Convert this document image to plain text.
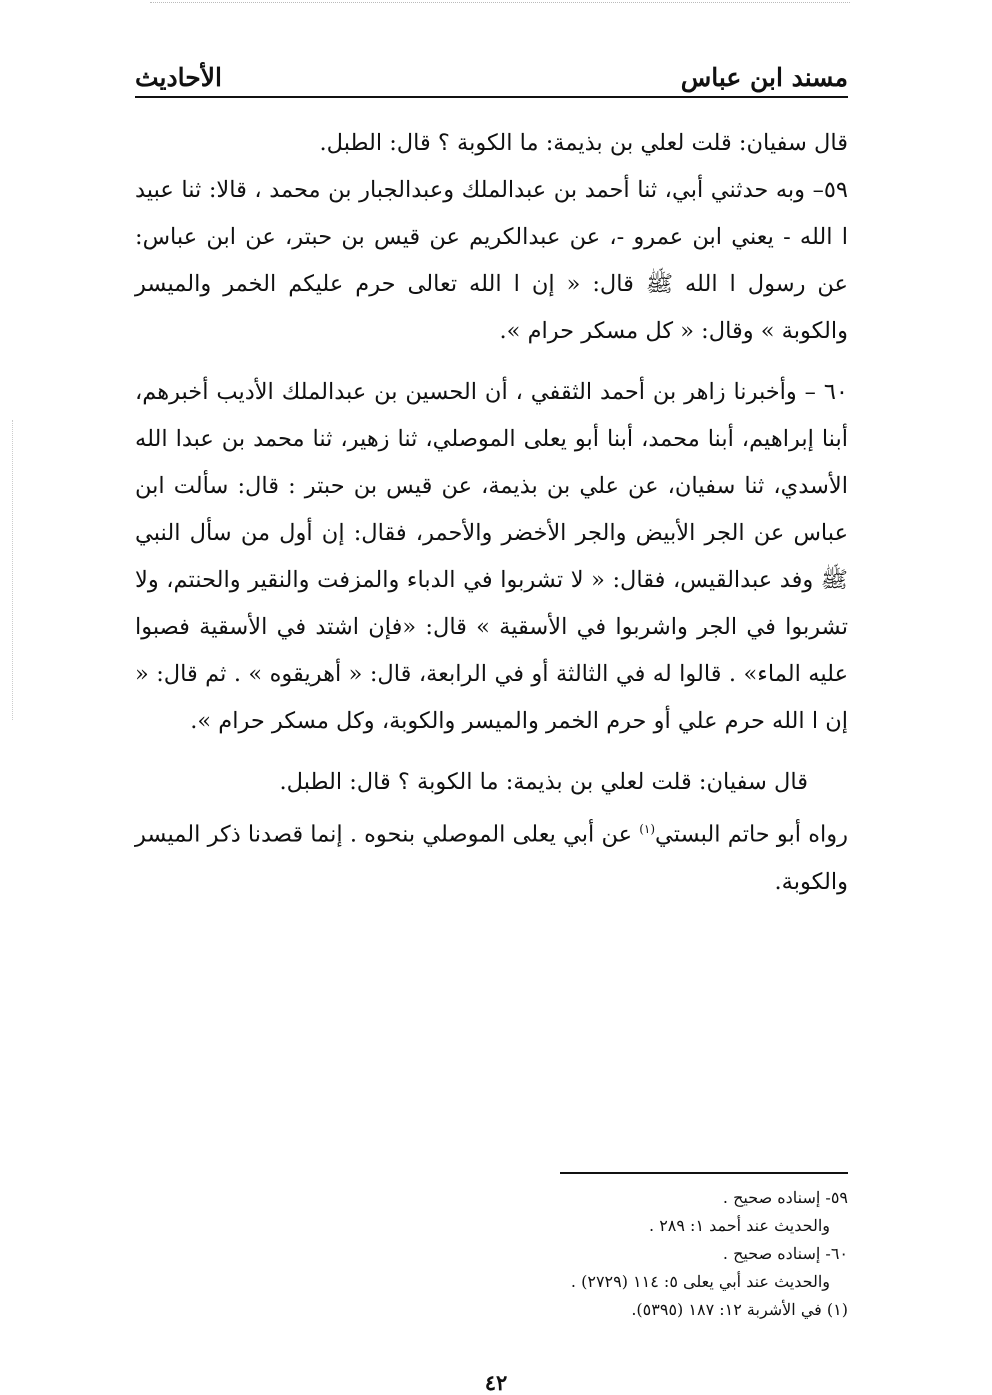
مسند ابن عباس
الأحاديث

قال سفيان: قلت لعلي بن بذيمة: ما الكوبة ؟ قال: الطبل.

٥٩– وبه حدثني أبي، ثنا أحمد بن عبدالملك وعبدالجبار بن محمد ، قالا: ثنا عبيد ا الله - يعني ابن عمرو -، عن عبدالكريم عن قيس بن حبتر، عن ابن عباس: عن رسول ا الله ﷺ قال: « إن ا الله تعالى حرم عليكم الخمر والميسر والكوبة » وقال: « كل مسكر حرام ».

٦٠ – وأخبرنا زاهر بن أحمد الثقفي ، أن الحسين بن عبدالملك الأديب أخبرهم، أبنا إبراهيم، أبنا محمد، أبنا أبو يعلى الموصلي، ثنا زهير، ثنا محمد بن عبدا الله الأسدي، ثنا سفيان، عن علي بن بذيمة، عن قيس بن حبتر : قال: سألت ابن عباس عن الجر الأبيض والجر الأخضر والأحمر، فقال: إن أول من سأل النبي ﷺ وفد عبدالقيس، فقال: « لا تشربوا في الدباء والمزفت والنقير والحنتم، ولا تشربوا في الجر واشربوا في الأسقية » قال: «فإن اشتد في الأسقية فصبوا عليه الماء» . قالوا له في الثالثة أو في الرابعة، قال: « أهريقوه » . ثم قال: « إن ا الله حرم علي أو حرم الخمر والميسر والكوبة، وكل مسكر حرام ».

قال سفيان: قلت لعلي بن بذيمة: ما الكوبة ؟ قال: الطبل.

رواه أبو حاتم البستي$^{(١)}$ عن أبي يعلى الموصلي بنحوه . إنما قصدنا ذكر الميسر والكوبة.

٥٩- إسناده صحيح .
والحديث عند أحمد ١: ٢٨٩ .
٦٠- إسناده صحيح .
والحديث عند أبي يعلى ٥: ١١٤ (٢٧٢٩) .
(١) في الأشربة ١٢: ١٨٧ (٥٣٩٥).
٤٢
